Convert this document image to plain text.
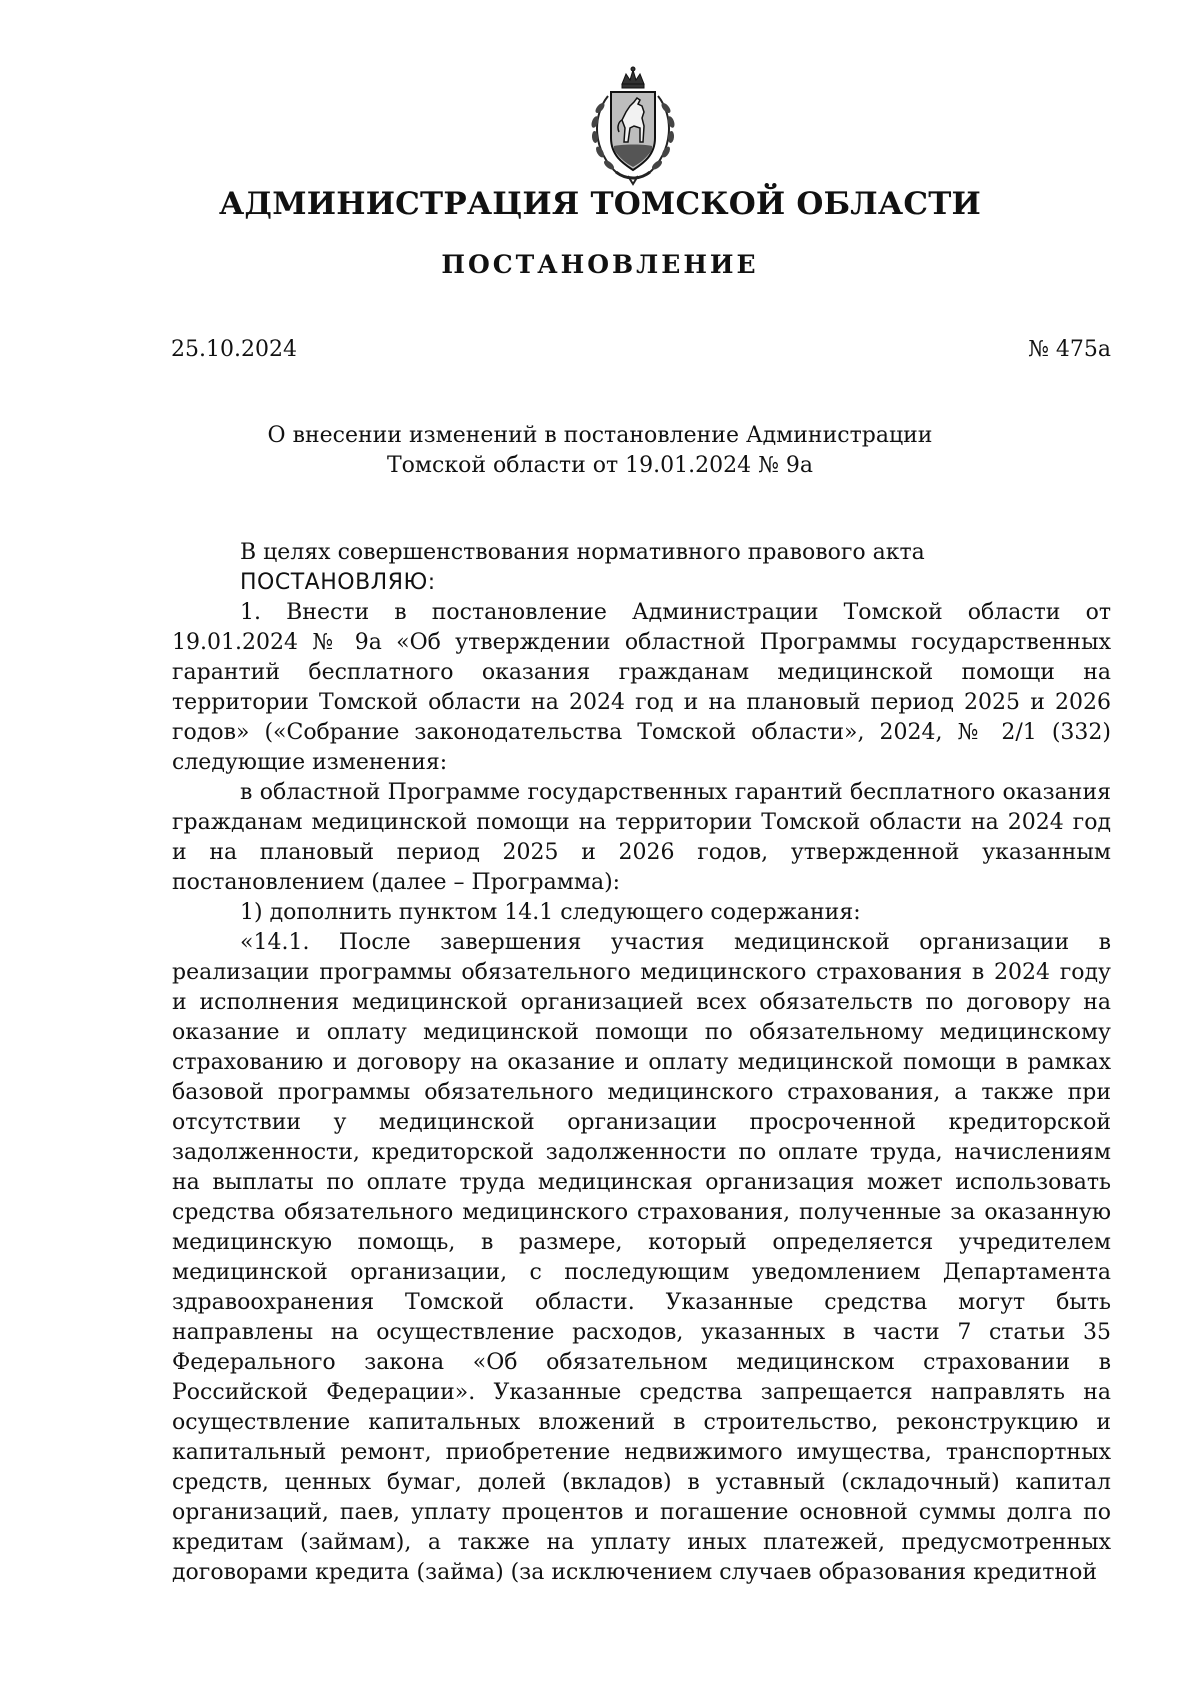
АДМИНИСТРАЦИЯ ТОМСКОЙ ОБЛАСТИ
ПОСТАНОВЛЕНИЕ
25.10.2024	№ 475а
О внесении изменений в постановление Администрации
Томской области от 19.01.2024 № 9а

В целях совершенствования нормативного правового акта

ПОСТАНОВЛЯЮ:

1. Внести в постановление Администрации Томской области от 19.01.2024 № 9а «Об утверждении областной Программы государственных гарантий бесплатного оказания гражданам медицинской помощи на территории Томской области на 2024 год и на плановый период 2025 и 2026 годов» («Собрание законодательства Томской области», 2024, № 2/1 (332) следующие изменения:

в областной Программе государственных гарантий бесплатного оказания гражданам медицинской помощи на территории Томской области на 2024 год и на плановый период 2025 и 2026 годов, утвержденной указанным постановлением (далее – Программа):

1) дополнить пунктом 14.1 следующего содержания:

«14.1. После завершения участия медицинской организации в реализации программы обязательного медицинского страхования в 2024 году и исполнения медицинской организацией всех обязательств по договору на оказание и оплату медицинской помощи по обязательному медицинскому страхованию и договору на оказание и оплату медицинской помощи в рамках базовой программы обязательного медицинского страхования, а также при отсутствии у медицинской организации просроченной кредиторской задолженности, кредиторской задолженности по оплате труда, начислениям на выплаты по оплате труда медицинская организация может использовать средства обязательного медицинского страхования, полученные за оказанную медицинскую помощь, в размере, который определяется учредителем медицинской организации, с последующим уведомлением Департамента здравоохранения Томской области. Указанные средства могут быть направлены на осуществление расходов, указанных в части 7 статьи 35 Федерального закона «Об обязательном медицинском страховании в Российской Федерации». Указанные средства запрещается направлять на осуществление капитальных вложений в строительство, реконструкцию и капитальный ремонт, приобретение недвижимого имущества, транспортных средств, ценных бумаг, долей (вкладов) в уставный (складочный) капитал организаций, паев, уплату процентов и погашение основной суммы долга по кредитам (займам), а также на уплату иных платежей, предусмотренных договорами кредита (займа) (за исключением случаев образования кредитной
